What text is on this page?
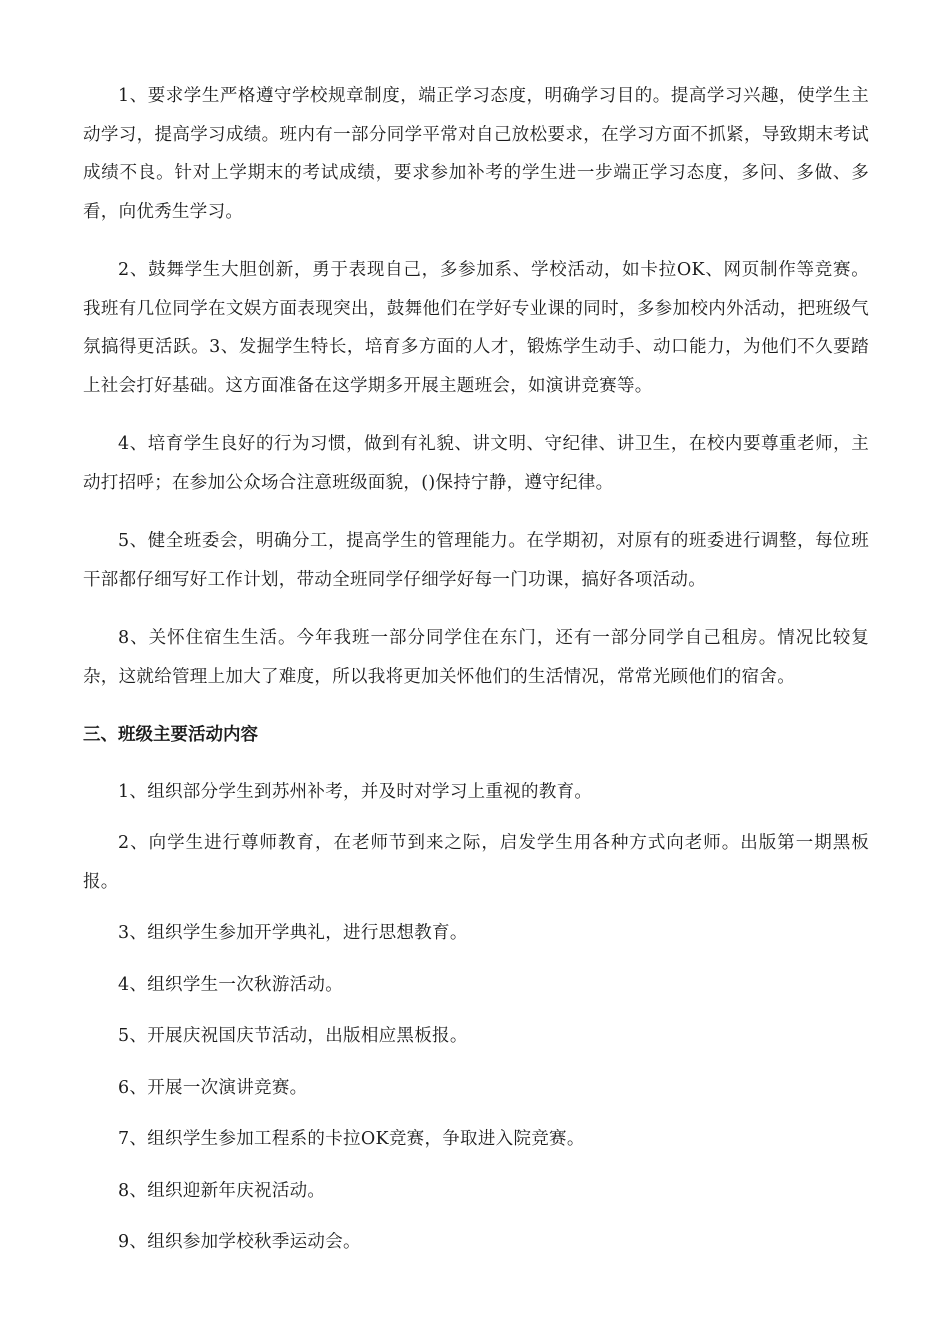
1、要求学生严格遵守学校规章制度，端正学习态度，明确学习目的。提高学习兴趣，使学生主动学习，提高学习成绩。班内有一部分同学平常对自己放松要求，在学习方面不抓紧，导致期末考试成绩不良。针对上学期末的考试成绩，要求参加补考的学生进一步端正学习态度，多问、多做、多看，向优秀生学习。

2、鼓舞学生大胆创新，勇于表现自己，多参加系、学校活动，如卡拉OK、网页制作等竞赛。我班有几位同学在文娱方面表现突出，鼓舞他们在学好专业课的同时，多参加校内外活动，把班级气氛搞得更活跃。3、发掘学生特长，培育多方面的人才，锻炼学生动手、动口能力，为他们不久要踏上社会打好基础。这方面准备在这学期多开展主题班会，如演讲竞赛等。

4、培育学生良好的行为习惯，做到有礼貌、讲文明、守纪律、讲卫生，在校内要尊重老师，主动打招呼；在参加公众场合注意班级面貌，()保持宁静，遵守纪律。

5、健全班委会，明确分工，提高学生的管理能力。在学期初，对原有的班委进行调整，每位班干部都仔细写好工作计划，带动全班同学仔细学好每一门功课，搞好各项活动。

8、关怀住宿生生活。今年我班一部分同学住在东门，还有一部分同学自己租房。情况比较复杂，这就给管理上加大了难度，所以我将更加关怀他们的生活情况，常常光顾他们的宿舍。

三、班级主要活动内容

1、组织部分学生到苏州补考，并及时对学习上重视的教育。

2、向学生进行尊师教育，在老师节到来之际，启发学生用各种方式向老师。出版第一期黑板报。

3、组织学生参加开学典礼，进行思想教育。

4、组织学生一次秋游活动。

5、开展庆祝国庆节活动，出版相应黑板报。

6、开展一次演讲竞赛。

7、组织学生参加工程系的卡拉OK竞赛，争取进入院竞赛。

8、组织迎新年庆祝活动。

9、组织参加学校秋季运动会。
